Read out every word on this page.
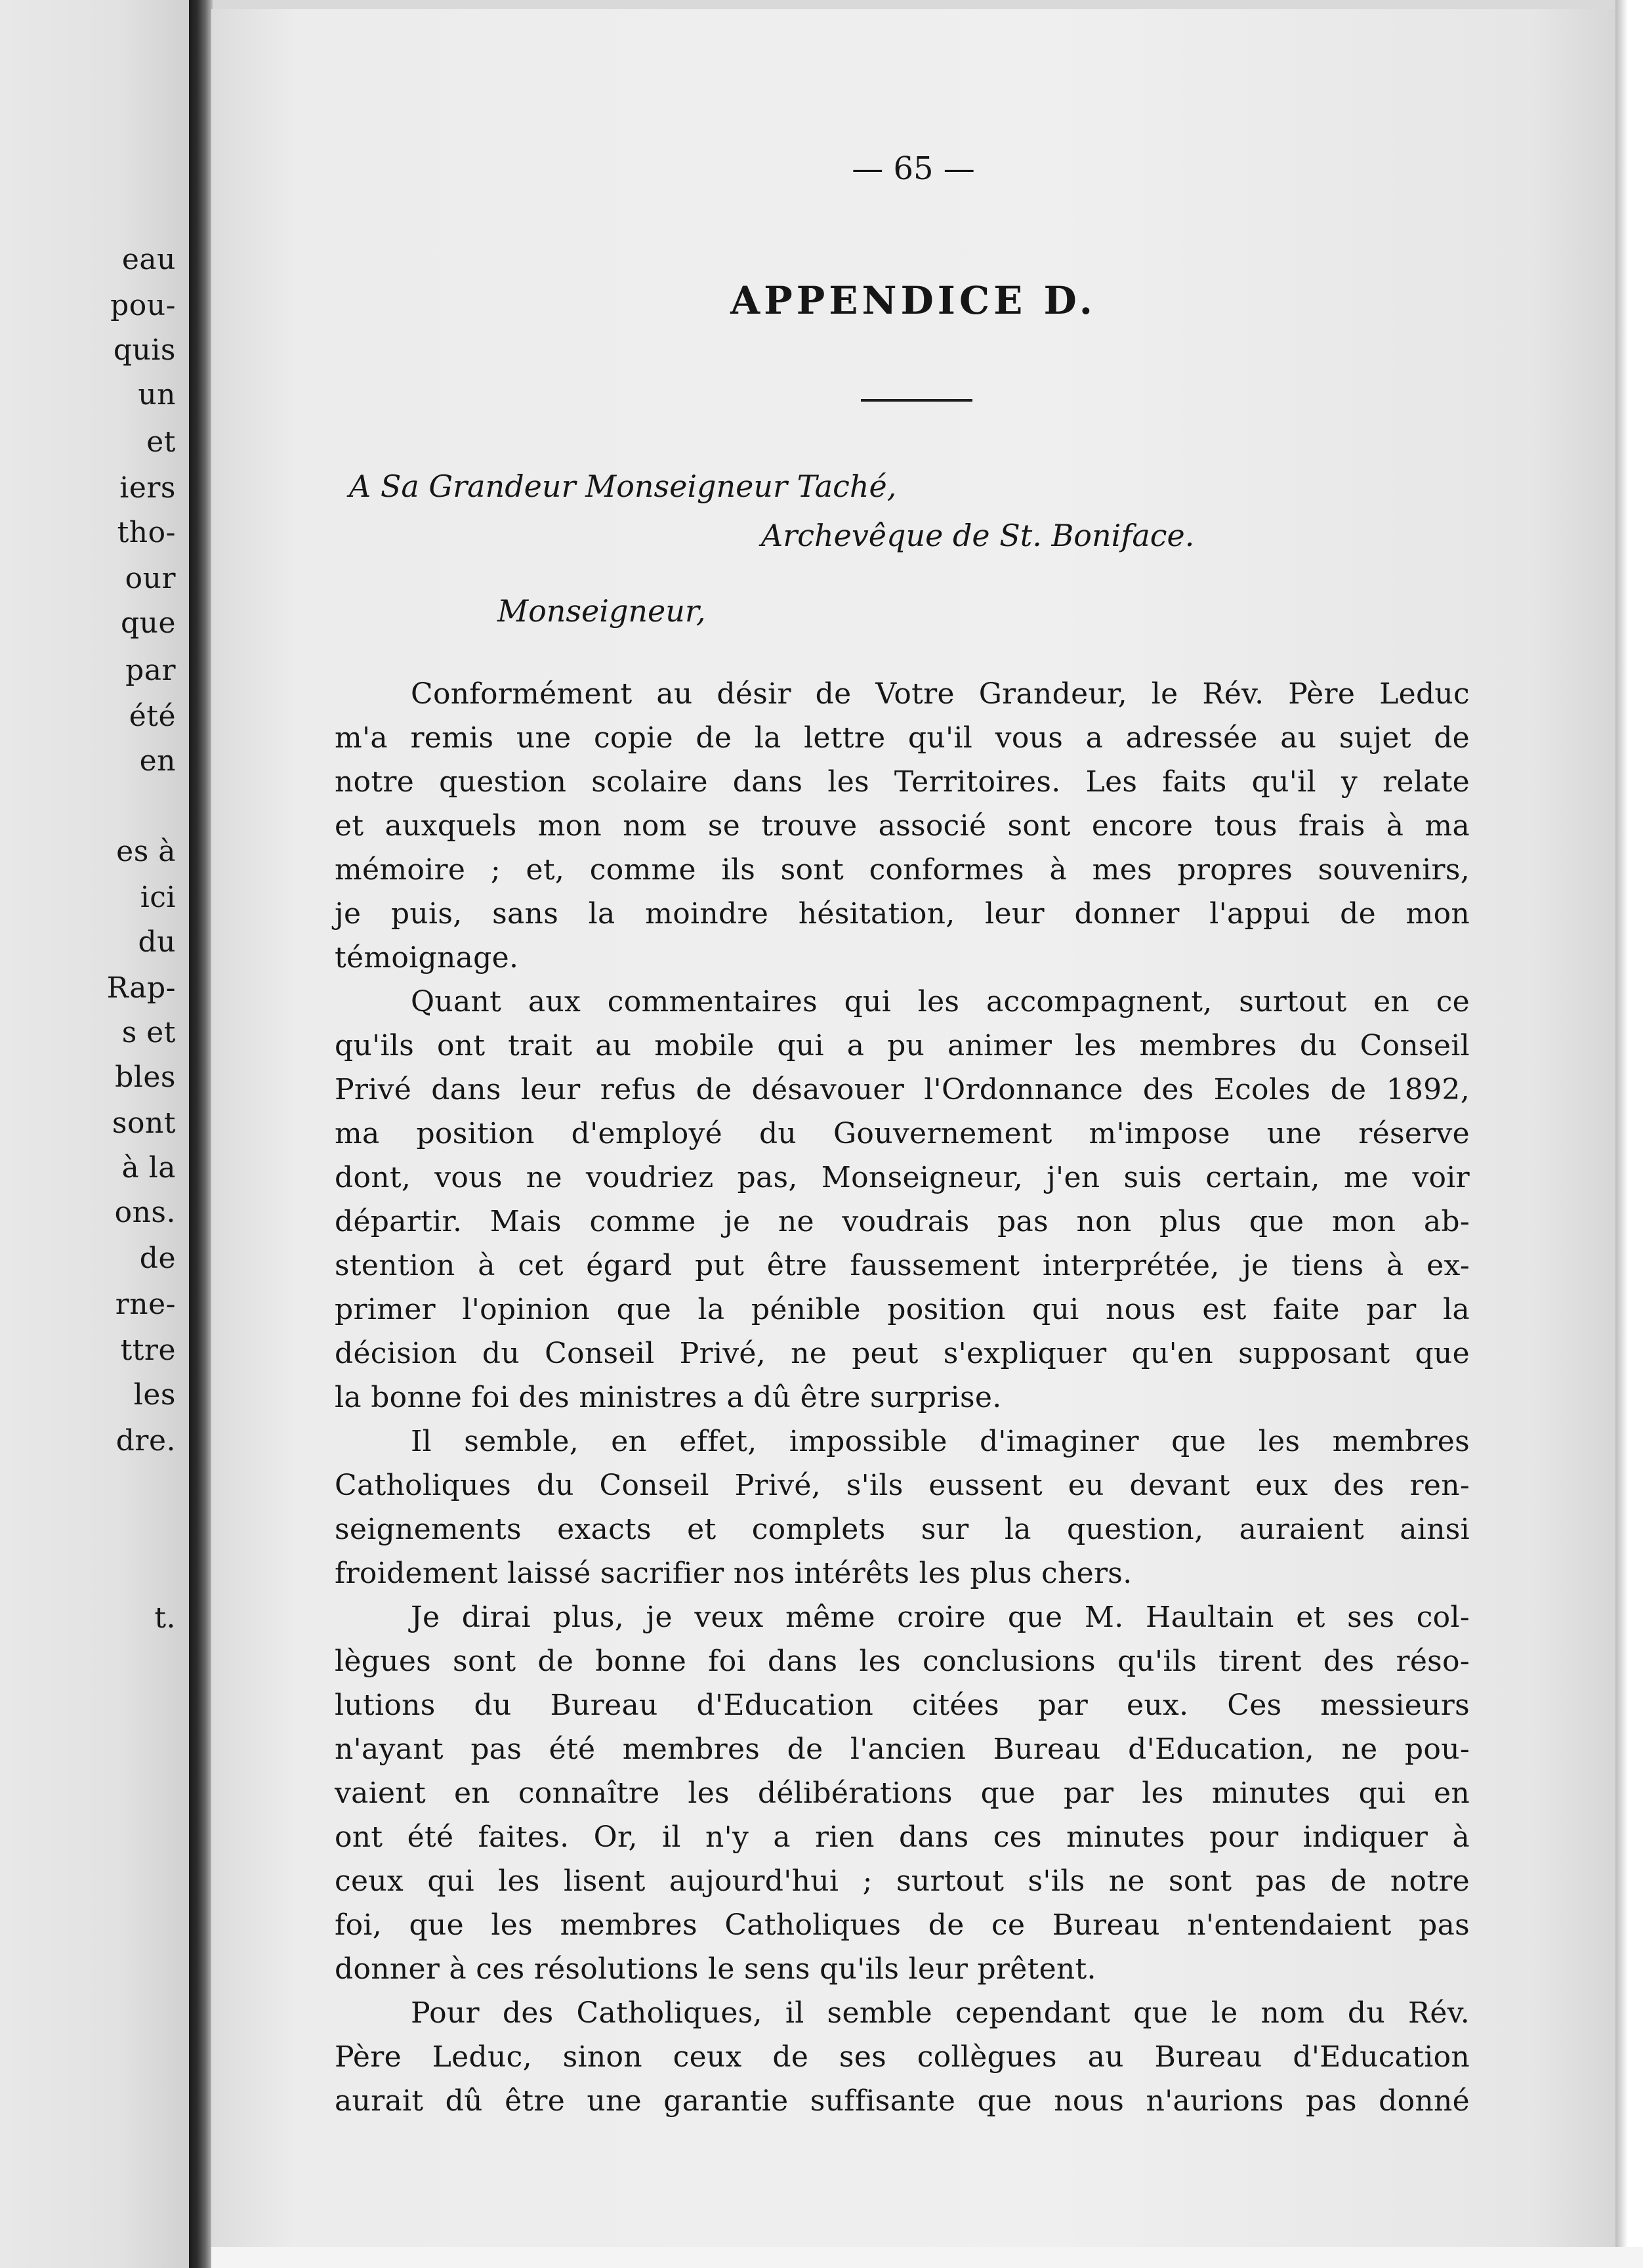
eau
pou-
quis
un
et
iers
tho-
our
que
par
été
en
es à
ici
du
Rap-
s et
bles
sont
à la
ons.
de
rne-
ttre
les
dre.
t.
— 65 —
APPENDICE D.
A Sa Grandeur Monseigneur Taché,
Archevêque de St. Boniface.
Monseigneur,
Conformément au désir de Votre Grandeur, le Rév. Père Leduc
m'a remis une copie de la lettre qu'il vous a adressée au sujet de
notre question scolaire dans les Territoires. Les faits qu'il y relate
et auxquels mon nom se trouve associé sont encore tous frais à ma
mémoire ; et, comme ils sont conformes à mes propres souvenirs,
je puis, sans la moindre hésitation, leur donner l'appui de mon
témoignage.
Quant aux commentaires qui les accompagnent, surtout en ce
qu'ils ont trait au mobile qui a pu animer les membres du Conseil
Privé dans leur refus de désavouer l'Ordonnance des Ecoles de 1892,
ma position d'employé du Gouvernement m'impose une réserve
dont, vous ne voudriez pas, Monseigneur, j'en suis certain, me voir
départir. Mais comme je ne voudrais pas non plus que mon ab-
stention à cet égard put être faussement interprétée, je tiens à ex-
primer l'opinion que la pénible position qui nous est faite par la
décision du Conseil Privé, ne peut s'expliquer qu'en supposant que
la bonne foi des ministres a dû être surprise.
Il semble, en effet, impossible d'imaginer que les membres
Catholiques du Conseil Privé, s'ils eussent eu devant eux des ren-
seignements exacts et complets sur la question, auraient ainsi
froidement laissé sacrifier nos intérêts les plus chers.
Je dirai plus, je veux même croire que M. Haultain et ses col-
lègues sont de bonne foi dans les conclusions qu'ils tirent des réso-
lutions du Bureau d'Education citées par eux. Ces messieurs
n'ayant pas été membres de l'ancien Bureau d'Education, ne pou-
vaient en connaître les délibérations que par les minutes qui en
ont été faites. Or, il n'y a rien dans ces minutes pour indiquer à
ceux qui les lisent aujourd'hui ; surtout s'ils ne sont pas de notre
foi, que les membres Catholiques de ce Bureau n'entendaient pas
donner à ces résolutions le sens qu'ils leur prêtent.
Pour des Catholiques, il semble cependant que le nom du Rév.
Père Leduc, sinon ceux de ses collègues au Bureau d'Education
aurait dû être une garantie suffisante que nous n'aurions pas donné
